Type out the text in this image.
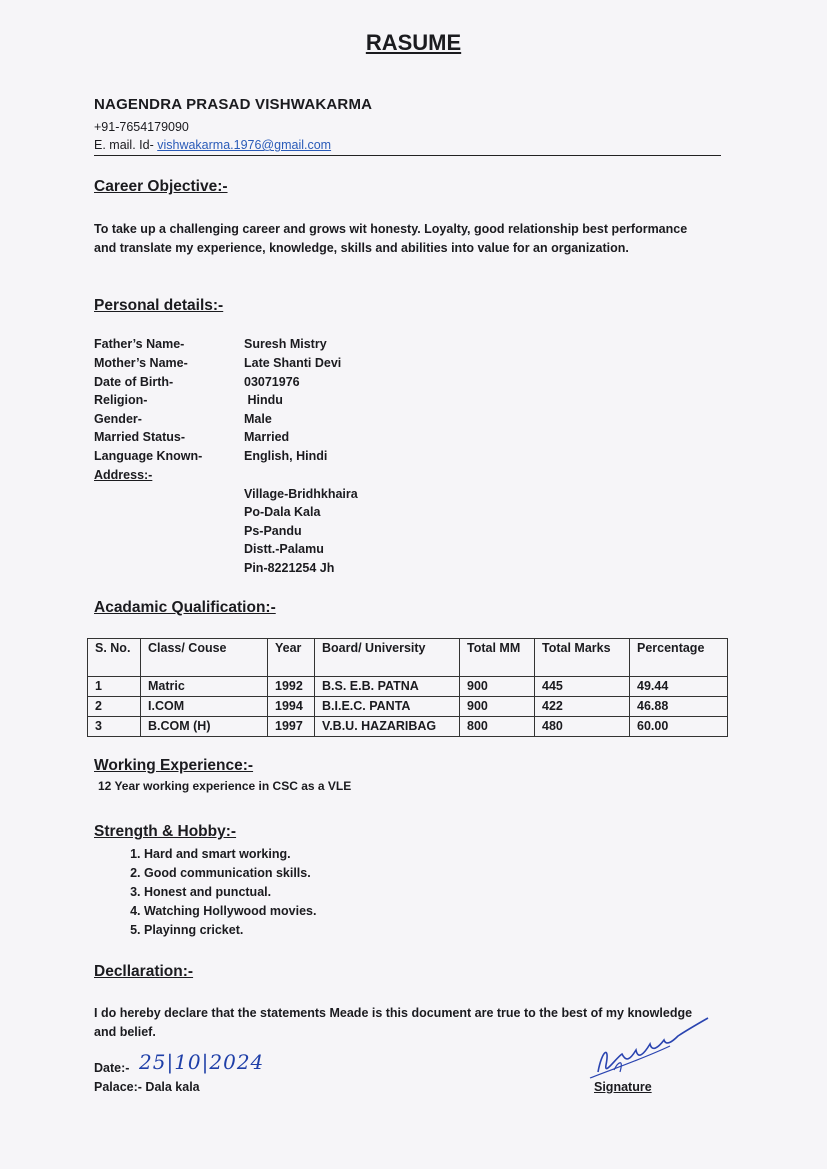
RASUME
NAGENDRA PRASAD VISHWAKARMA
+91-7654179090
E. mail. Id- vishwakarma.1976@gmail.com
Career Objective:-
To take up a challenging career and grows wit honesty. Loyalty, good relationship best performance and translate my experience, knowledge, skills and abilities into value for an organization.
Personal details:-
Father’s Name-	Suresh Mistry
Mother’s Name-	Late Shanti Devi
Date of Birth-	03071976
Religion-	Hindu
Gender-	Male
Married Status-	Married
Language Known-	English, Hindi
Address:-
Village-Bridhkhaira
Po-Dala Kala
Ps-Pandu
Distt.-Palamu
Pin-8221254 Jh
Acadamic Qualification:-
S. No.	Class/ Couse	Year	Board/ University	Total MM	Total Marks	Percentage
1	Matric	1992	B.S. E.B. PATNA	900	445	49.44
2	I.COM	1994	B.I.E.C. PANTA	900	422	46.88
3	B.COM (H)	1997	V.B.U. HAZARIBAG	800	480	60.00
Working Experience:-
12 Year working experience in CSC as a VLE
Strength & Hobby:-
1. Hard and smart working.
2. Good communication skills.
3. Honest and punctual.
4. Watching Hollywood movies.
5. Playinng cricket.
Decllaration:-
I do hereby declare that the statements Meade is this document are true to the best of my knowledge and belief.
Date:- 25|10|2024
Palace:- Dala kala	Signature
